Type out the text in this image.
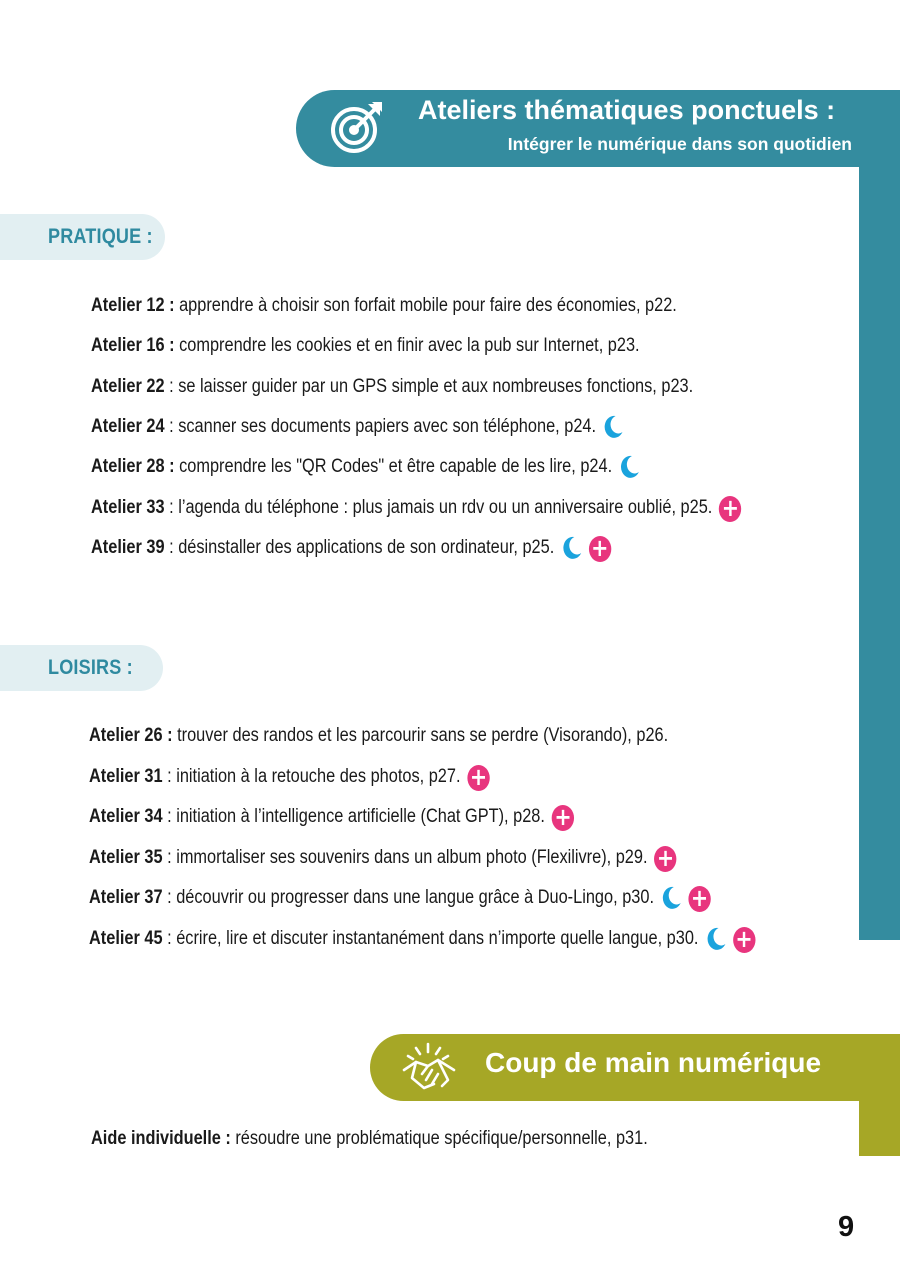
Ateliers thématiques ponctuels :
Intégrer le numérique dans son quotidien
PRATIQUE :
Atelier 12 : apprendre à choisir son forfait mobile pour faire des économies, p22.
Atelier 16 : comprendre les cookies et en finir avec la pub sur Internet, p23.
Atelier 22 : se laisser guider par un GPS simple et aux nombreuses fonctions, p23.
Atelier 24 : scanner ses documents papiers avec son téléphone, p24.
Atelier 28 : comprendre les "QR Codes" et être capable de les lire, p24.
Atelier 33 : l’agenda du téléphone : plus jamais un rdv ou un anniversaire oublié, p25. +
Atelier 39 : désinstaller des applications de son ordinateur, p25. +
LOISIRS :
Atelier 26 : trouver des randos et les parcourir sans se perdre (Visorando), p26.
Atelier 31 : initiation à la retouche des photos, p27. +
Atelier 34 : initiation à l’intelligence artificielle (Chat GPT), p28. +
Atelier 35 : immortaliser ses souvenirs dans un album photo (Flexilivre), p29. +
Atelier 37 : découvrir ou progresser dans une langue grâce à Duo-Lingo, p30. +
Atelier 45 : écrire, lire et discuter instantanément dans n’importe quelle langue, p30. +
Coup de main numérique
Aide individuelle : résoudre une problématique spécifique/personnelle, p31.
9
